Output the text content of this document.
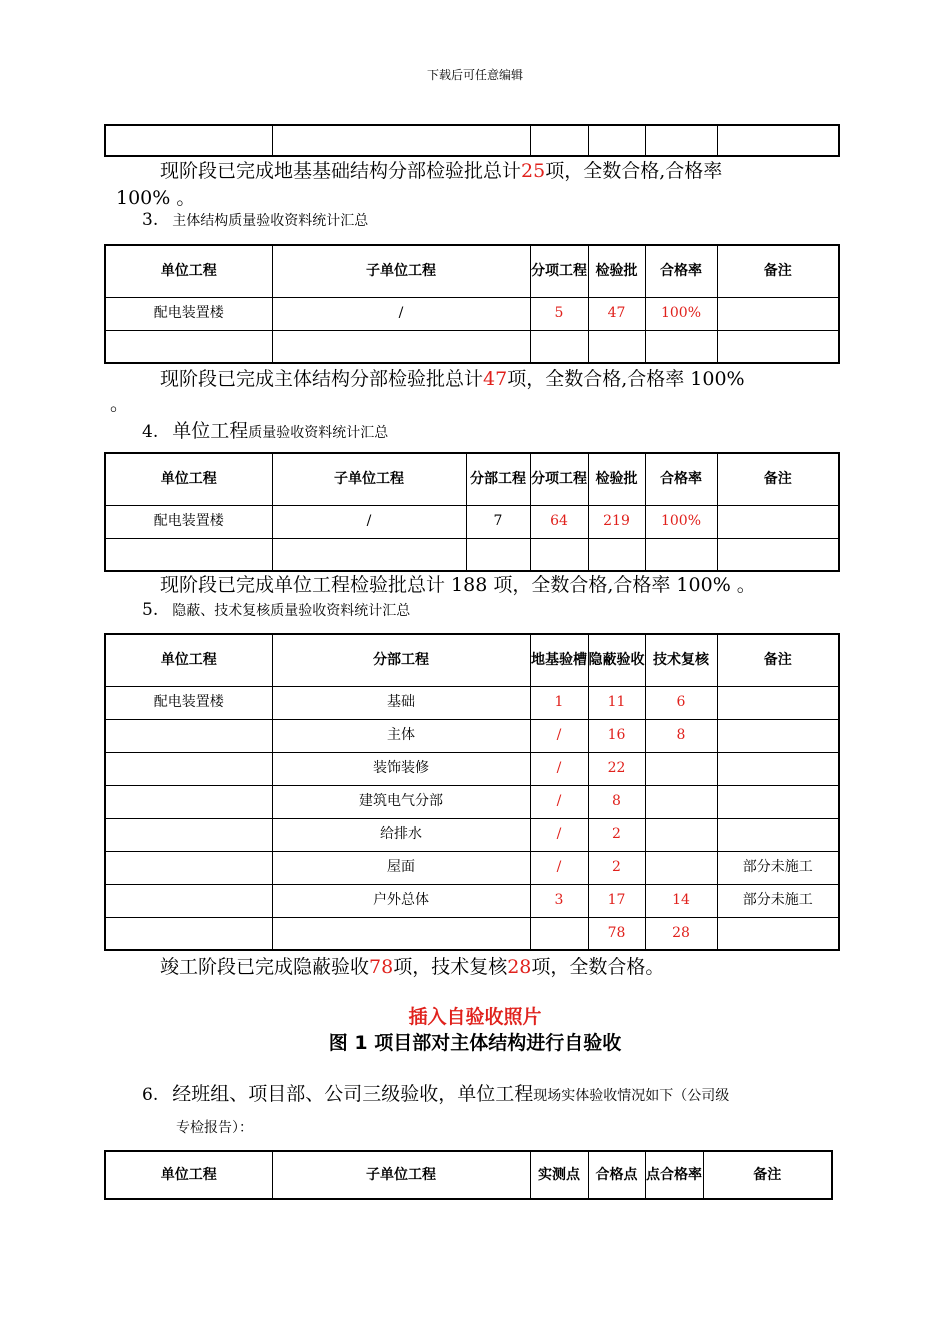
下载后可任意编辑

现阶段已完成地基基础结构分部检验批总计25项，全数合格,合格率
100% 。
3. 主体结构质量验收资料统计汇总
单位工程	子单位工程	分项工程	检验批	合格率	备注
配电装置楼	/	5	47	100%	

现阶段已完成主体结构分部检验批总计47项，全数合格,合格率 100%
。
4. 单位工程质量验收资料统计汇总
单位工程	子单位工程	分部工程	分项工程	检验批	合格率	备注
配电装置楼	/	7	64	219	100%	

现阶段已完成单位工程检验批总计 188 项，全数合格,合格率 100% 。
5. 隐蔽、技术复核质量验收资料统计汇总
单位工程	分部工程	地基验槽	隐蔽验收	技术复核	备注
配电装置楼	基础	1	11	6	
	主体	/	16	8	
	装饰装修	/	22		
	建筑电气分部	/	8		
	给排水	/	2		
	屋面	/	2		部分未施工
	户外总体	3	17	14	部分未施工
			78	28	
竣工阶段已完成隐蔽验收78项，技术复核28项，全数合格。
插入自验收照片
图 1 项目部对主体结构进行自验收
6. 经班组、项目部、公司三级验收，单位工程现场实体验收情况如下（公司级
专检报告）：
单位工程	子单位工程	实测点	合格点	点合格率	备注
